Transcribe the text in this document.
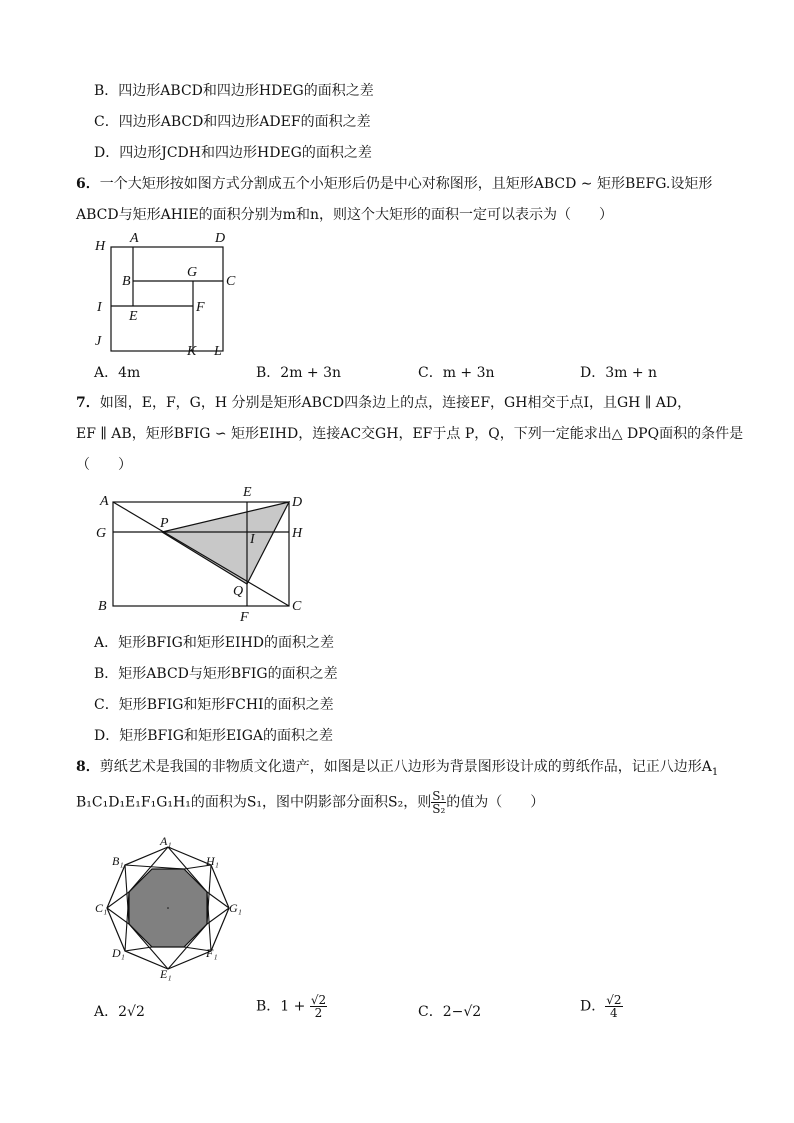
B．四边形ABCD和四边形HDEG的面积之差
C．四边形ABCD和四边形ADEF的面积之差
D．四边形JCDH和四边形HDEG的面积之差
6．一个大矩形按如图方式分割成五个小矩形后仍是中心对称图形，且矩形ABCD ∼ 矩形BEFG.设矩形
ABCD与矩形AHIE的面积分别为m和n，则这个大矩形的面积一定可以表示为（　　）
H
A	D
B
G
C
I	F
E
J
K L
A．4m	B．2m + 3n	C．m + 3n	D．3m + n
7．如图，E，F，G，H 分别是矩形ABCD四条边上的点，连接EF，GH相交于点I，且GH ∥ AD，
EF ∥ AB，矩形BFIG ∽ 矩形EIHD，连接AC交GH，EF于点 P，Q，下列一定能求出△ DPQ面积的条件是
（　　）
A
E
D
G
P
H
I
Q
B
F
C
A．矩形BFIG和矩形EIHD的面积之差
B．矩形ABCD与矩形BFIG的面积之差
C．矩形BFIG和矩形FCHI的面积之差
D．矩形BFIG和矩形EIGA的面积之差
8．剪纸艺术是我国的非物质文化遗产，如图是以正八边形为背景图形设计成的剪纸作品，记正八边形$A_1$
B₁C₁D₁E₁F₁G₁H₁的面积为S₁，图中阴影部分面积S₂，则 $\frac{\text{S₁}}{\text{S₂}}$ 的值为（　　）
A₁
B₁	H₁
C₁	G₁
D₁	F₁
E₁
A．2√2	B．$1 + \frac{√2}{2}$	C．2−√2	D． $\frac{√2}{4}$
